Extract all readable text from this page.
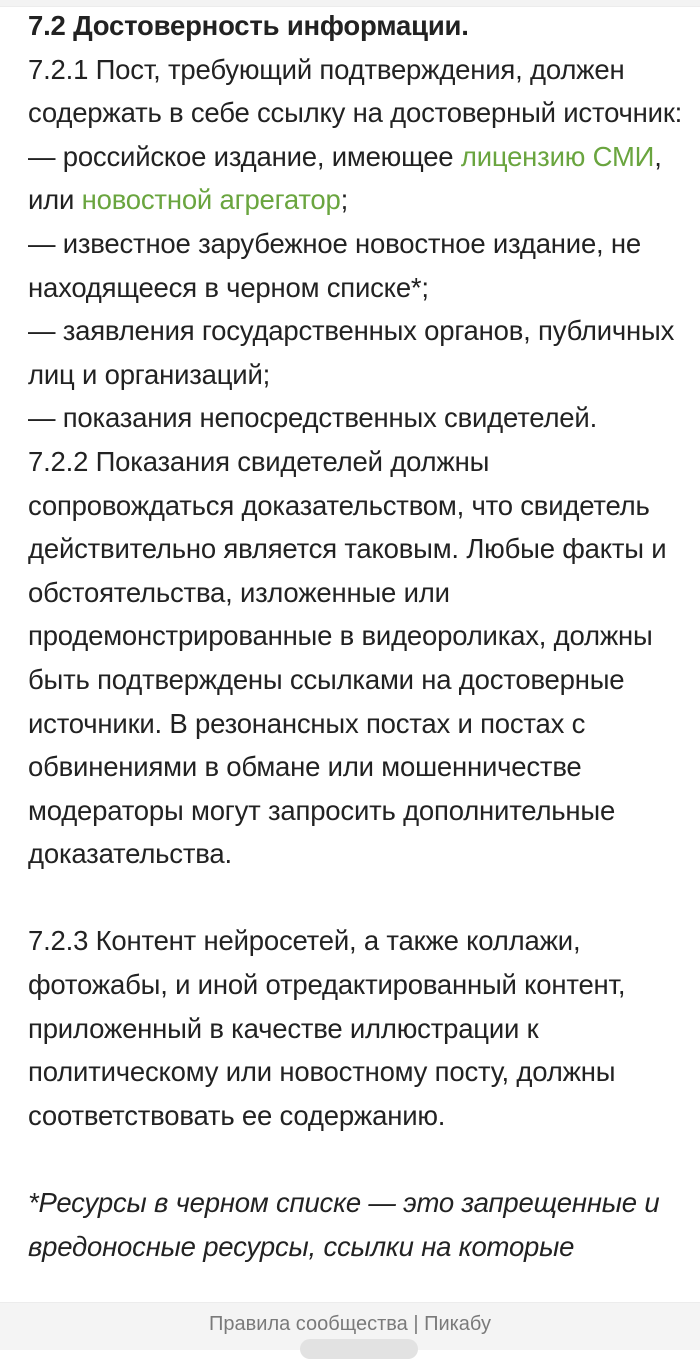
7.2 Достоверность информации.

7.2.1 Пост, требующий подтверждения, должен содержать в себе ссылку на достоверный источник:

— российское издание, имеющее лицензию СМИ, или новостной агрегатор;

— известное зарубежное новостное издание, не находящееся в черном списке*;

— заявления государственных органов, публичных лиц и организаций;

— показания непосредственных свидетелей.

7.2.2 Показания свидетелей должны сопровождаться доказательством, что свидетель действительно является таковым. Любые факты и обстоятельства, изложенные или продемонстрированные в видеороликах, должны быть подтверждены ссылками на достоверные источники. В резонансных постах и постах с обвинениями в обмане или мошенничестве модераторы могут запросить дополнительные доказательства.

7.2.3 Контент нейросетей, а также коллажи, фотожабы, и иной отредактированный контент, приложенный в качестве иллюстрации к политическому или новостному посту, должны соответствовать ее содержанию.

*Ресурсы в черном списке — это запрещенные и вредоносные ресурсы, ссылки на которые

Правила сообщества | Пикабу
